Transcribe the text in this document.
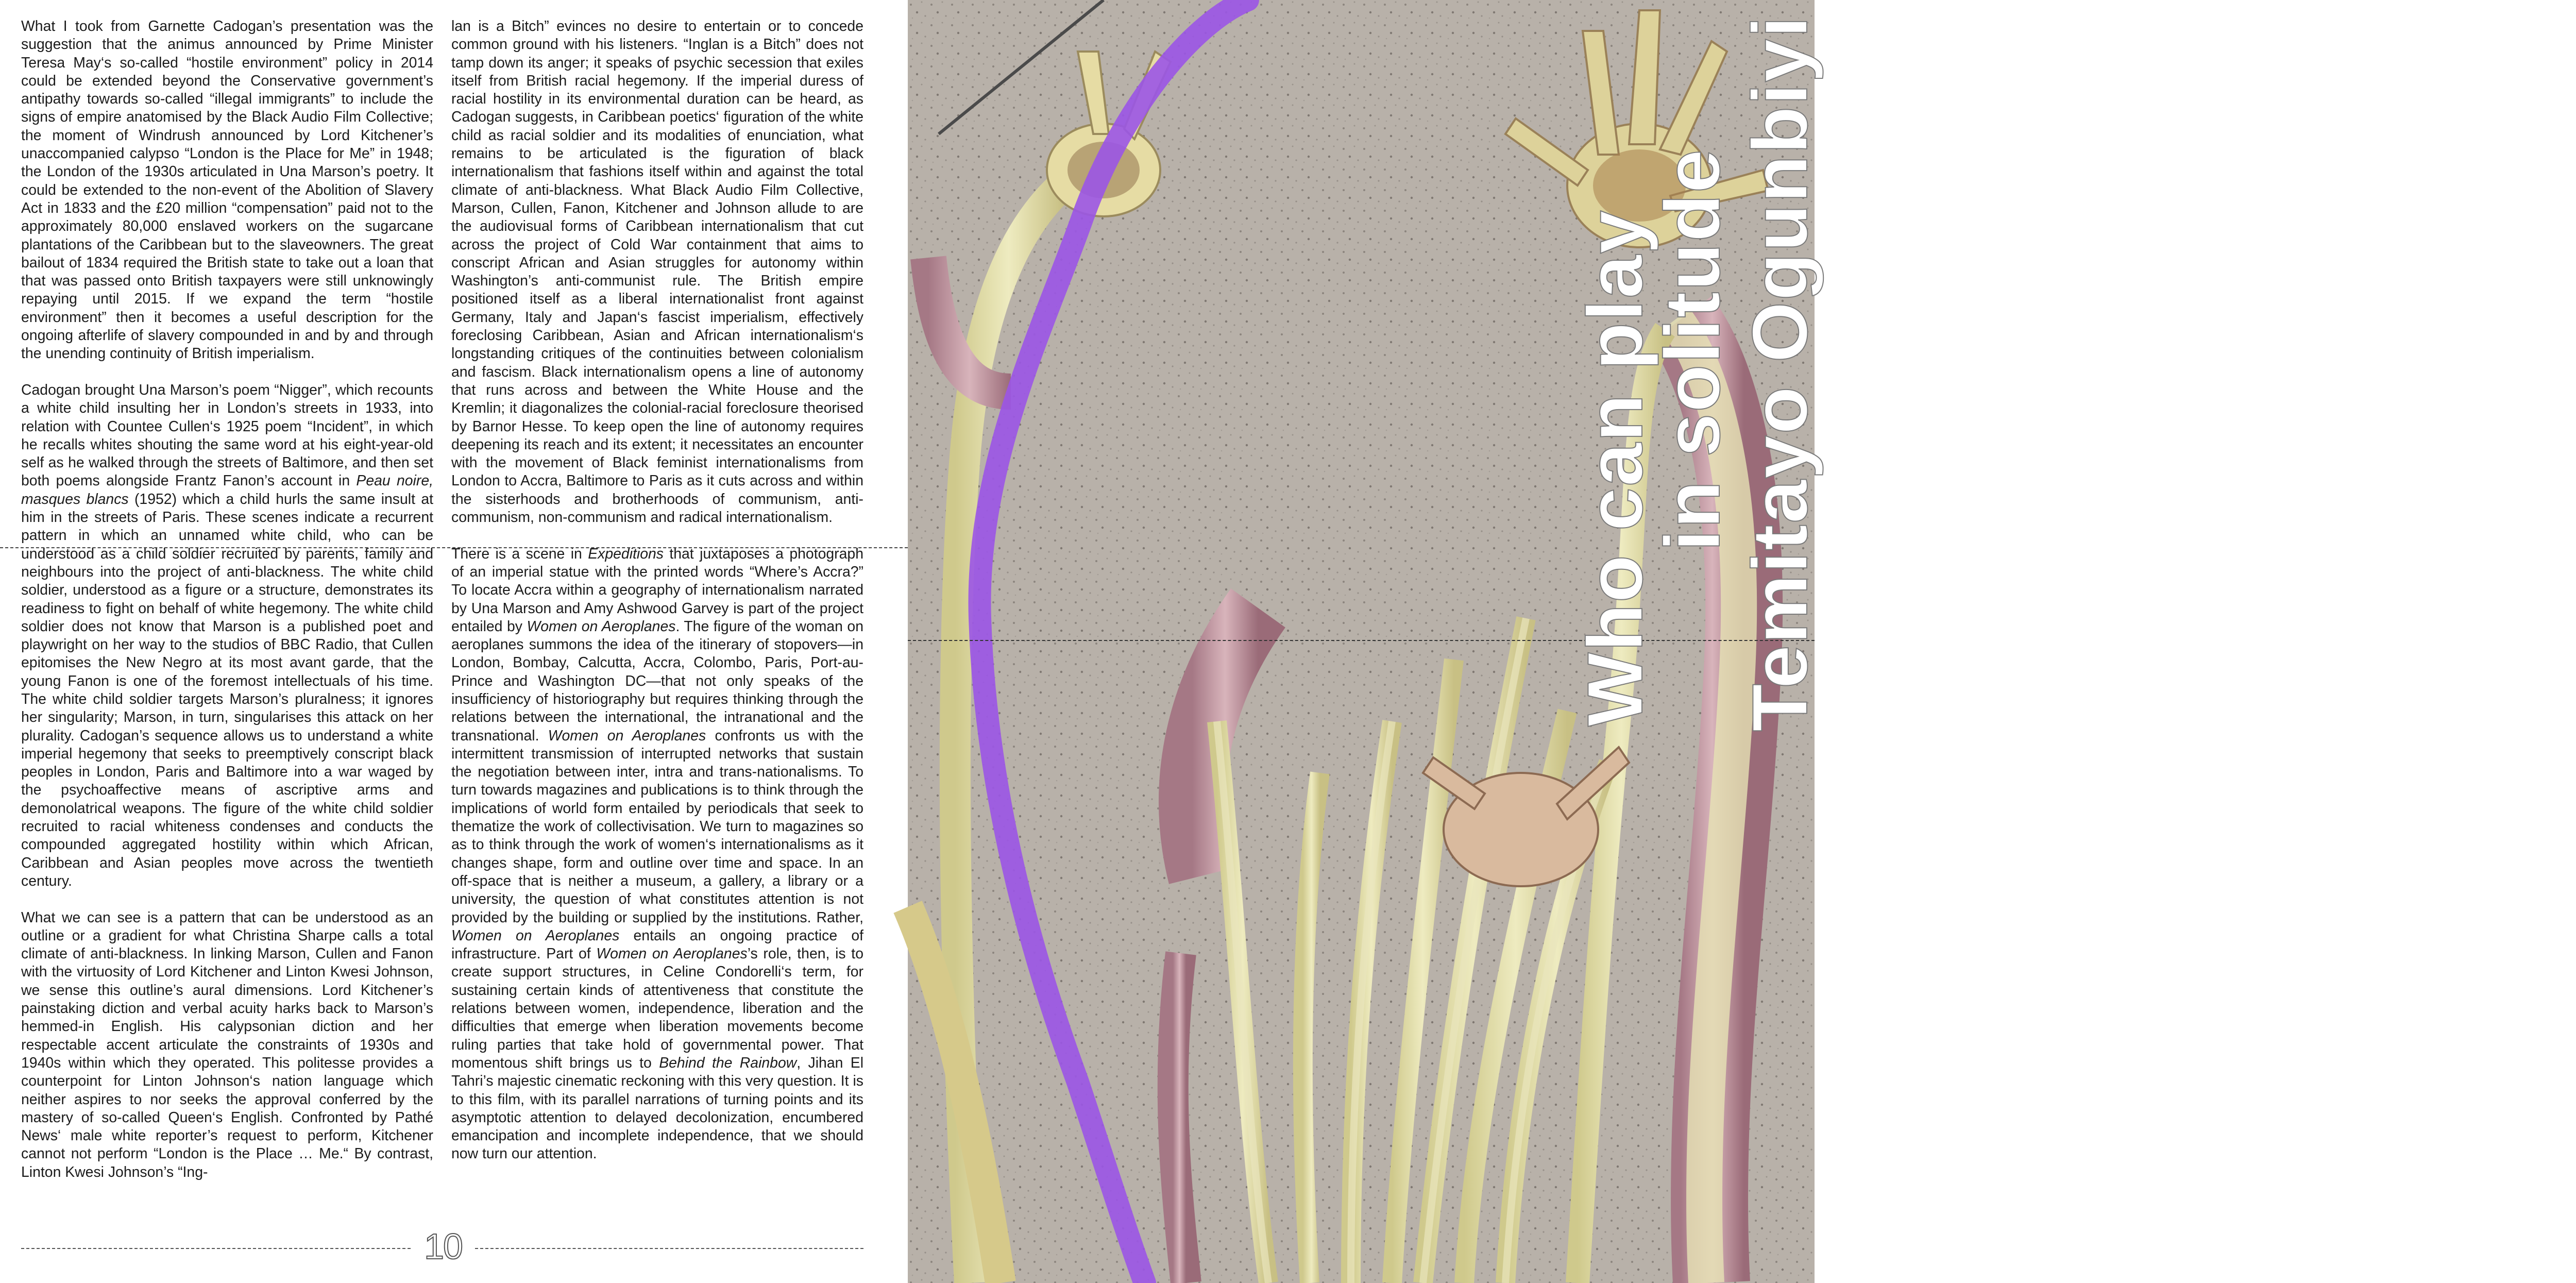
What I took from Garnette Cadogan’s presentation was the suggestion that the animus announced by Prime Minister Teresa May‘s so-called “hostile environment” policy in 2014 could be extended beyond the Conservative government’s antipathy towards so-called “illegal immigrants” to include the signs of empire anatomised by the Black Audio Film Collective; the moment of Windrush announced by Lord Kitchener’s unaccompanied calypso “London is the Place for Me” in 1948; the London of the 1930s articulated in Una Marson’s poetry. It could be extended to the non-event of the Abolition of Slavery Act in 1833 and the £20 million “compensation” paid not to the approximately 80,000 enslaved workers on the sugarcane plantations of the Caribbean but to the slaveowners. The great bailout of 1834 required the British state to take out a loan that that was passed onto British taxpayers were still unknowingly repaying until 2015. If we expand the term “hostile environment” then it becomes a useful description for the ongoing afterlife of slavery compounded in and by and through the unending continuity of British imperialism.

Cadogan brought Una Marson’s poem “Nigger”, which recounts a white child insulting her in London’s streets in 1933, into relation with Countee Cullen‘s 1925 poem “Incident”, in which he recalls whites shouting the same word at his eight-year-old self as he walked through the streets of Baltimore, and then set both poems alongside Frantz Fanon’s account in Peau noire, masques blancs (1952) which a child hurls the same insult at him in the streets of Paris. These scenes indicate a recurrent pattern in which an unnamed white child, who can be understood as a child soldier recruited by parents, family and neighbours into the project of anti-blackness. The white child soldier, understood as a figure or a structure, demonstrates its readiness to fight on behalf of white hegemony. The white child soldier does not know that Marson is a published poet and playwright on her way to the studios of BBC Radio, that Cullen epitomises the New Negro at its most avant garde, that the young Fanon is one of the foremost intellectuals of his time. The white child soldier targets Marson’s pluralness; it ignores her singularity; Marson, in turn, singularises this attack on her plurality. Cadogan’s sequence allows us to understand a white imperial hegemony that seeks to preemptively conscript black peoples in London, Paris and Baltimore into a war waged by the psychoaffective means of ascriptive arms and demonolatrical weapons. The figure of the white child soldier recruited to racial whiteness condenses and conducts the compounded aggregated hostility within which African, Caribbean and Asian peoples move across the twentieth century.

What we can see is a pattern that can be understood as an outline or a gradient for what Christina Sharpe calls a total climate of anti-blackness. In linking Marson, Cullen and Fanon with the virtuosity of Lord Kitchener and Linton Kwesi Johnson, we sense this outline’s aural dimensions. Lord Kitchener’s painstaking diction and verbal acuity harks back to Marson’s hemmed-in English. His calypsonian diction and her respectable accent articulate the constraints of 1930s and 1940s within which they operated. This politesse provides a counterpoint for Linton Johnson‘s nation language which neither aspires to nor seeks the approval conferred by the mastery of so-called Queen‘s English. Confronted by Pathé News‘ male white reporter’s request to perform, Kitchener cannot not perform “London is the Place … Me.“ By contrast, Linton Kwesi Johnson’s “Ing-

lan is a Bitch” evinces no desire to entertain or to concede common ground with his listeners. “Inglan is a Bitch” does not tamp down its anger; it speaks of psychic secession that exiles itself from British racial hegemony. If the imperial duress of racial hostility in its environmental duration can be heard, as Cadogan suggests, in Caribbean poetics‘ figuration of the white child as racial soldier and its modalities of enunciation, what remains to be articulated is the figuration of black internationalism that fashions itself within and against the total climate of anti-blackness. What Black Audio Film Collective, Marson, Cullen, Fanon, Kitchener and Johnson allude to are the audiovisual forms of Caribbean internationalism that cut across the project of Cold War containment that aims to conscript African and Asian struggles for autonomy within Washington’s anti-communist rule. The British empire positioned itself as a liberal internationalist front against Germany, Italy and Japan‘s fascist imperialism, effectively foreclosing Caribbean, Asian and African internationalism‘s longstanding critiques of the continuities between colonialism and fascism. Black internationalism opens a line of autonomy that runs across and between the White House and the Kremlin; it diagonalizes the colonial-racial foreclosure theorised by Barnor Hesse. To keep open the line of autonomy requires deepening its reach and its extent; it necessitates an encounter with the movement of Black feminist internationalisms from London to Accra, Baltimore to Paris as it cuts across and within the sisterhoods and brotherhoods of communism, anti-communism, non-communism and radical internationalism.

There is a scene in Expeditions that juxtaposes a photograph of an imperial statue with the printed words “Where’s Accra?” To locate Accra within a geography of internationalism narrated by Una Marson and Amy Ashwood Garvey is part of the project entailed by Women on Aeroplanes. The figure of the woman on aeroplanes summons the idea of the itinerary of stopovers—in London, Bombay, Calcutta, Accra, Colombo, Paris, Port-au-Prince and Washington DC—that not only speaks of the insufficiency of historiography but requires thinking through the relations between the international, the intranational and the transnational. Women on Aeroplanes confronts us with the intermittent transmission of interrupted networks that sustain the negotiation between inter, intra and trans-nationalisms. To turn towards magazines and publications is to think through the implications of world form entailed by periodicals that seek to thematize the work of collectivisation. We turn to magazines so as to think through the work of women‘s internationalisms as it changes shape, form and outline over time and space. In an off-space that is neither a museum, a gallery, a library or a university, the question of what constitutes attention is not provided by the building or supplied by the institutions. Rather, Women on Aeroplanes entails an ongoing practice of infrastructure. Part of Women on Aeroplanes’s role, then, is to create support structures, in Celine Condorelli‘s term, for sustaining certain kinds of attentiveness that constitute the relations between women, independence, liberation and the difficulties that emerge when liberation movements become ruling parties that take hold of governmental power. That momentous shift brings us to Behind the Rainbow, Jihan El Tahri’s majestic cinematic reckoning with this very question. It is to this film, with its parallel narrations of turning points and its asymptotic attention to delayed decolonization, encumbered emancipation and incomplete independence, that we should now turn our attention.

10
Who can play
in solitude Temitayo Ogunbiyi
